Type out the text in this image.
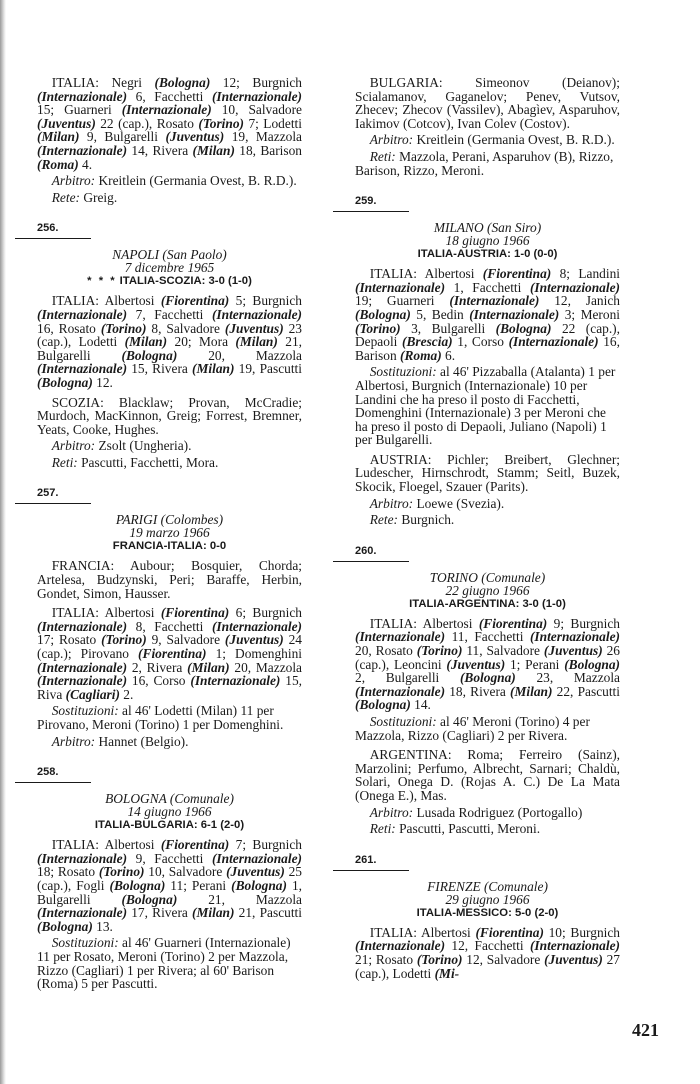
ITALIA: Negri (Bologna) 12; Burgnich (Internazionale) 6, Facchetti (Internazionale) 15; Guarneri (Internazionale) 10, Salvadore (Juventus) 22 (cap.), Rosato (Torino) 7; Lodetti (Milan) 9, Bulgarelli (Juventus) 19, Mazzola (Internazionale) 14, Rivera (Milan) 18, Barison (Roma) 4.

Arbitro: Kreitlein (Germania Ovest, B. R.D.).

Rete: Greig.

256.
NAPOLI (San Paolo)
7 dicembre 1965
* * * ITALIA-SCOZIA: 3-0 (1-0)

ITALIA: Albertosi (Fiorentina) 5; Burgnich (Internazionale) 7, Facchetti (Internazionale) 16, Rosato (Torino) 8, Salvadore (Juventus) 23 (cap.), Lodetti (Milan) 20; Mora (Milan) 21, Bulgarelli (Bologna) 20, Mazzola (Internazionale) 15, Rivera (Milan) 19, Pascutti (Bologna) 12.

SCOZIA: Blacklaw; Provan, McCradie; Murdoch, MacKinnon, Greig; Forrest, Bremner, Yeats, Cooke, Hughes.

Arbitro: Zsolt (Ungheria).

Reti: Pascutti, Facchetti, Mora.

257.
PARIGI (Colombes)
19 marzo 1966
FRANCIA-ITALIA: 0-0

FRANCIA: Aubour; Bosquier, Chorda; Artelesa, Budzynski, Peri; Baraffe, Herbin, Gondet, Simon, Hausser.

ITALIA: Albertosi (Fiorentina) 6; Burgnich (Internazionale) 8, Facchetti (Internazionale) 17; Rosato (Torino) 9, Salvadore (Juventus) 24 (cap.); Pirovano (Fiorentina) 1; Domenghini (Internazionale) 2, Rivera (Milan) 20, Mazzola (Internazionale) 16, Corso (Internazionale) 15, Riva (Cagliari) 2.

Sostituzioni: al 46' Lodetti (Milan) 11 per Pirovano, Meroni (Torino) 1 per Domenghini.

Arbitro: Hannet (Belgio).

258.
BOLOGNA (Comunale)
14 giugno 1966
ITALIA-BULGARIA: 6-1 (2-0)

ITALIA: Albertosi (Fiorentina) 7; Burgnich (Internazionale) 9, Facchetti (Internazionale) 18; Rosato (Torino) 10, Salvadore (Juventus) 25 (cap.), Fogli (Bologna) 11; Perani (Bologna) 1, Bulgarelli (Bologna) 21, Mazzola (Internazionale) 17, Rivera (Milan) 21, Pascutti (Bologna) 13.

Sostituzioni: al 46' Guarneri (Internazionale) 11 per Rosato, Meroni (Torino) 2 per Mazzola, Rizzo (Cagliari) 1 per Rivera; al 60' Barison (Roma) 5 per Pascutti.

BULGARIA: Simeonov (Deianov); Scialamanov, Gaganelov; Penev, Vutsov, Zhecev; Zhecov (Vassilev), Abagìev, Asparuhov, Iakimov (Cotcov), Ivan Colev (Costov).

Arbitro: Kreitlein (Germania Ovest, B. R.D.).

Reti: Mazzola, Perani, Asparuhov (B), Rizzo, Barison, Rizzo, Meroni.

259.
MILANO (San Siro)
18 giugno 1966
ITALIA-AUSTRIA: 1-0 (0-0)

ITALIA: Albertosi (Fiorentina) 8; Landini (Internazionale) 1, Facchetti (Internazionale) 19; Guarneri (Internazionale) 12, Janich (Bologna) 5, Bedin (Internazionale) 3; Meroni (Torino) 3, Bulgarelli (Bologna) 22 (cap.), Depaoli (Brescia) 1, Corso (Internazionale) 16, Barison (Roma) 6.

Sostituzioni: al 46' Pizzaballa (Atalanta) 1 per Albertosi, Burgnich (Internazionale) 10 per Landini che ha preso il posto di Facchetti, Domenghini (Internazionale) 3 per Meroni che ha preso il posto di Depaoli, Juliano (Napoli) 1 per Bulgarelli.

AUSTRIA: Pichler; Breibert, Glechner; Ludescher, Hirnschrodt, Stamm; Seitl, Buzek, Skocik, Floegel, Szauer (Parits).

Arbitro: Loewe (Svezia).

Rete: Burgnich.

260.
TORINO (Comunale)
22 giugno 1966
ITALIA-ARGENTINA: 3-0 (1-0)

ITALIA: Albertosi (Fiorentina) 9; Burgnich (Internazionale) 11, Facchetti (Internazionale) 20, Rosato (Torino) 11, Salvadore (Juventus) 26 (cap.), Leoncini (Juventus) 1; Perani (Bologna) 2, Bulgarelli (Bologna) 23, Mazzola (Internazionale) 18, Rivera (Milan) 22, Pascutti (Bologna) 14.

Sostituzioni: al 46' Meroni (Torino) 4 per Mazzola, Rizzo (Cagliari) 2 per Rivera.

ARGENTINA: Roma; Ferreiro (Sainz), Marzolini; Perfumo, Albrecht, Sarnari; Chaldù, Solari, Onega D. (Rojas A. C.) De La Mata (Onega E.), Mas.

Arbitro: Lusada Rodriguez (Portogallo)

Reti: Pascutti, Pascutti, Meroni.

261.
FIRENZE (Comunale)
29 giugno 1966
ITALIA-MESSICO: 5-0 (2-0)

ITALIA: Albertosi (Fiorentina) 10; Burgnich (Internazionale) 12, Facchetti (Internazionale) 21; Rosato (Torino) 12, Salvadore (Juventus) 27 (cap.), Lodetti (Mi-

421
